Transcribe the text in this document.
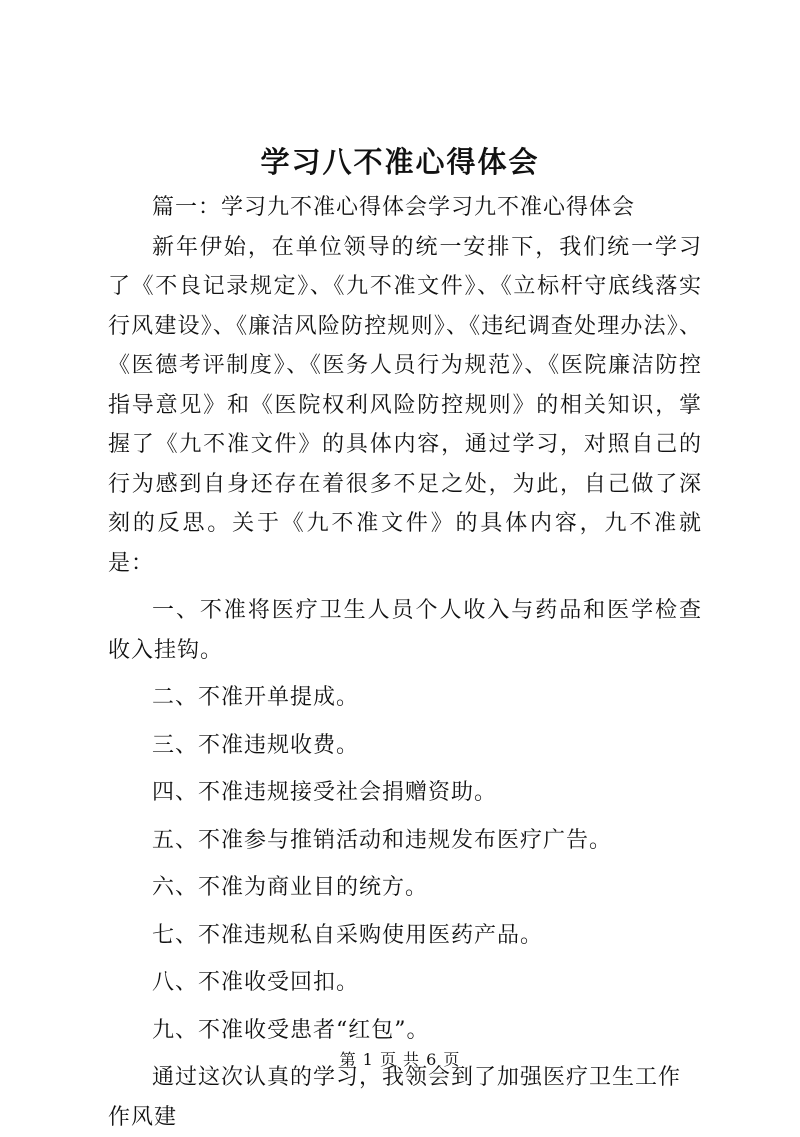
学习八不准心得体会

篇一：学习九不准心得体会学习九不准心得体会

新年伊始，在单位领导的统一安排下，我们统一学习了《不良记录规定》、《九不准文件》、《立标杆守底线落实行风建设》、《廉洁风险防控规则》、《违纪调查处理办法》、《医德考评制度》、《医务人员行为规范》、《医院廉洁防控指导意见》和《医院权利风险防控规则》的相关知识，掌握了《九不准文件》的具体内容，通过学习，对照自己的行为感到自身还存在着很多不足之处，为此，自己做了深刻的反思。关于《九不准文件》的具体内容，九不准就是：

一、不准将医疗卫生人员个人收入与药品和医学检查收入挂钩。

二、不准开单提成。

三、不准违规收费。

四、不准违规接受社会捐赠资助。

五、不准参与推销活动和违规发布医疗广告。

六、不准为商业目的统方。

七、不准违规私自采购使用医药产品。

八、不准收受回扣。

九、不准收受患者“红包”。

通过这次认真的学习，我领会到了加强医疗卫生工作作风建

第 1 页 共 6 页
